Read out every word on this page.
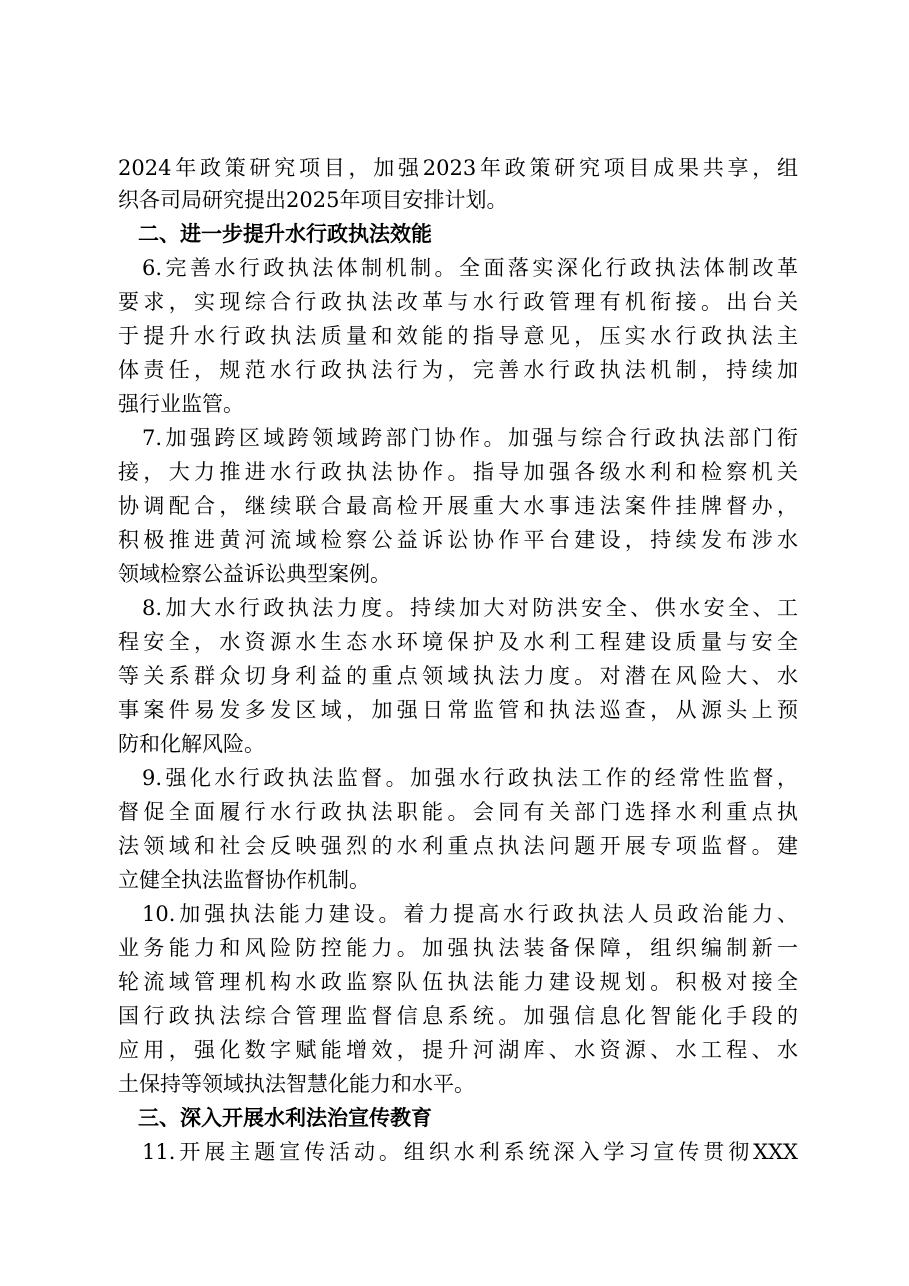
2024年政策研究项目，加强2023年政策研究项目成果共享，组
织各司局研究提出2025年项目安排计划。
二、进一步提升水行政执法效能
6.完善水行政执法体制机制。全面落实深化行政执法体制改革
要求，实现综合行政执法改革与水行政管理有机衔接。出台关
于提升水行政执法质量和效能的指导意见，压实水行政执法主
体责任，规范水行政执法行为，完善水行政执法机制，持续加
强行业监管。
7.加强跨区域跨领域跨部门协作。加强与综合行政执法部门衔
接，大力推进水行政执法协作。指导加强各级水利和检察机关
协调配合，继续联合最高检开展重大水事违法案件挂牌督办，
积极推进黄河流域检察公益诉讼协作平台建设，持续发布涉水
领域检察公益诉讼典型案例。
8.加大水行政执法力度。持续加大对防洪安全、供水安全、工
程安全，水资源水生态水环境保护及水利工程建设质量与安全
等关系群众切身利益的重点领域执法力度。对潜在风险大、水
事案件易发多发区域，加强日常监管和执法巡查，从源头上预
防和化解风险。
9.强化水行政执法监督。加强水行政执法工作的经常性监督，
督促全面履行水行政执法职能。会同有关部门选择水利重点执
法领域和社会反映强烈的水利重点执法问题开展专项监督。建
立健全执法监督协作机制。
10.加强执法能力建设。着力提高水行政执法人员政治能力、
业务能力和风险防控能力。加强执法装备保障，组织编制新一
轮流域管理机构水政监察队伍执法能力建设规划。积极对接全
国行政执法综合管理监督信息系统。加强信息化智能化手段的
应用，强化数字赋能增效，提升河湖库、水资源、水工程、水
土保持等领域执法智慧化能力和水平。
三、深入开展水利法治宣传教育
11.开展主题宣传活动。组织水利系统深入学习宣传贯彻XXX
